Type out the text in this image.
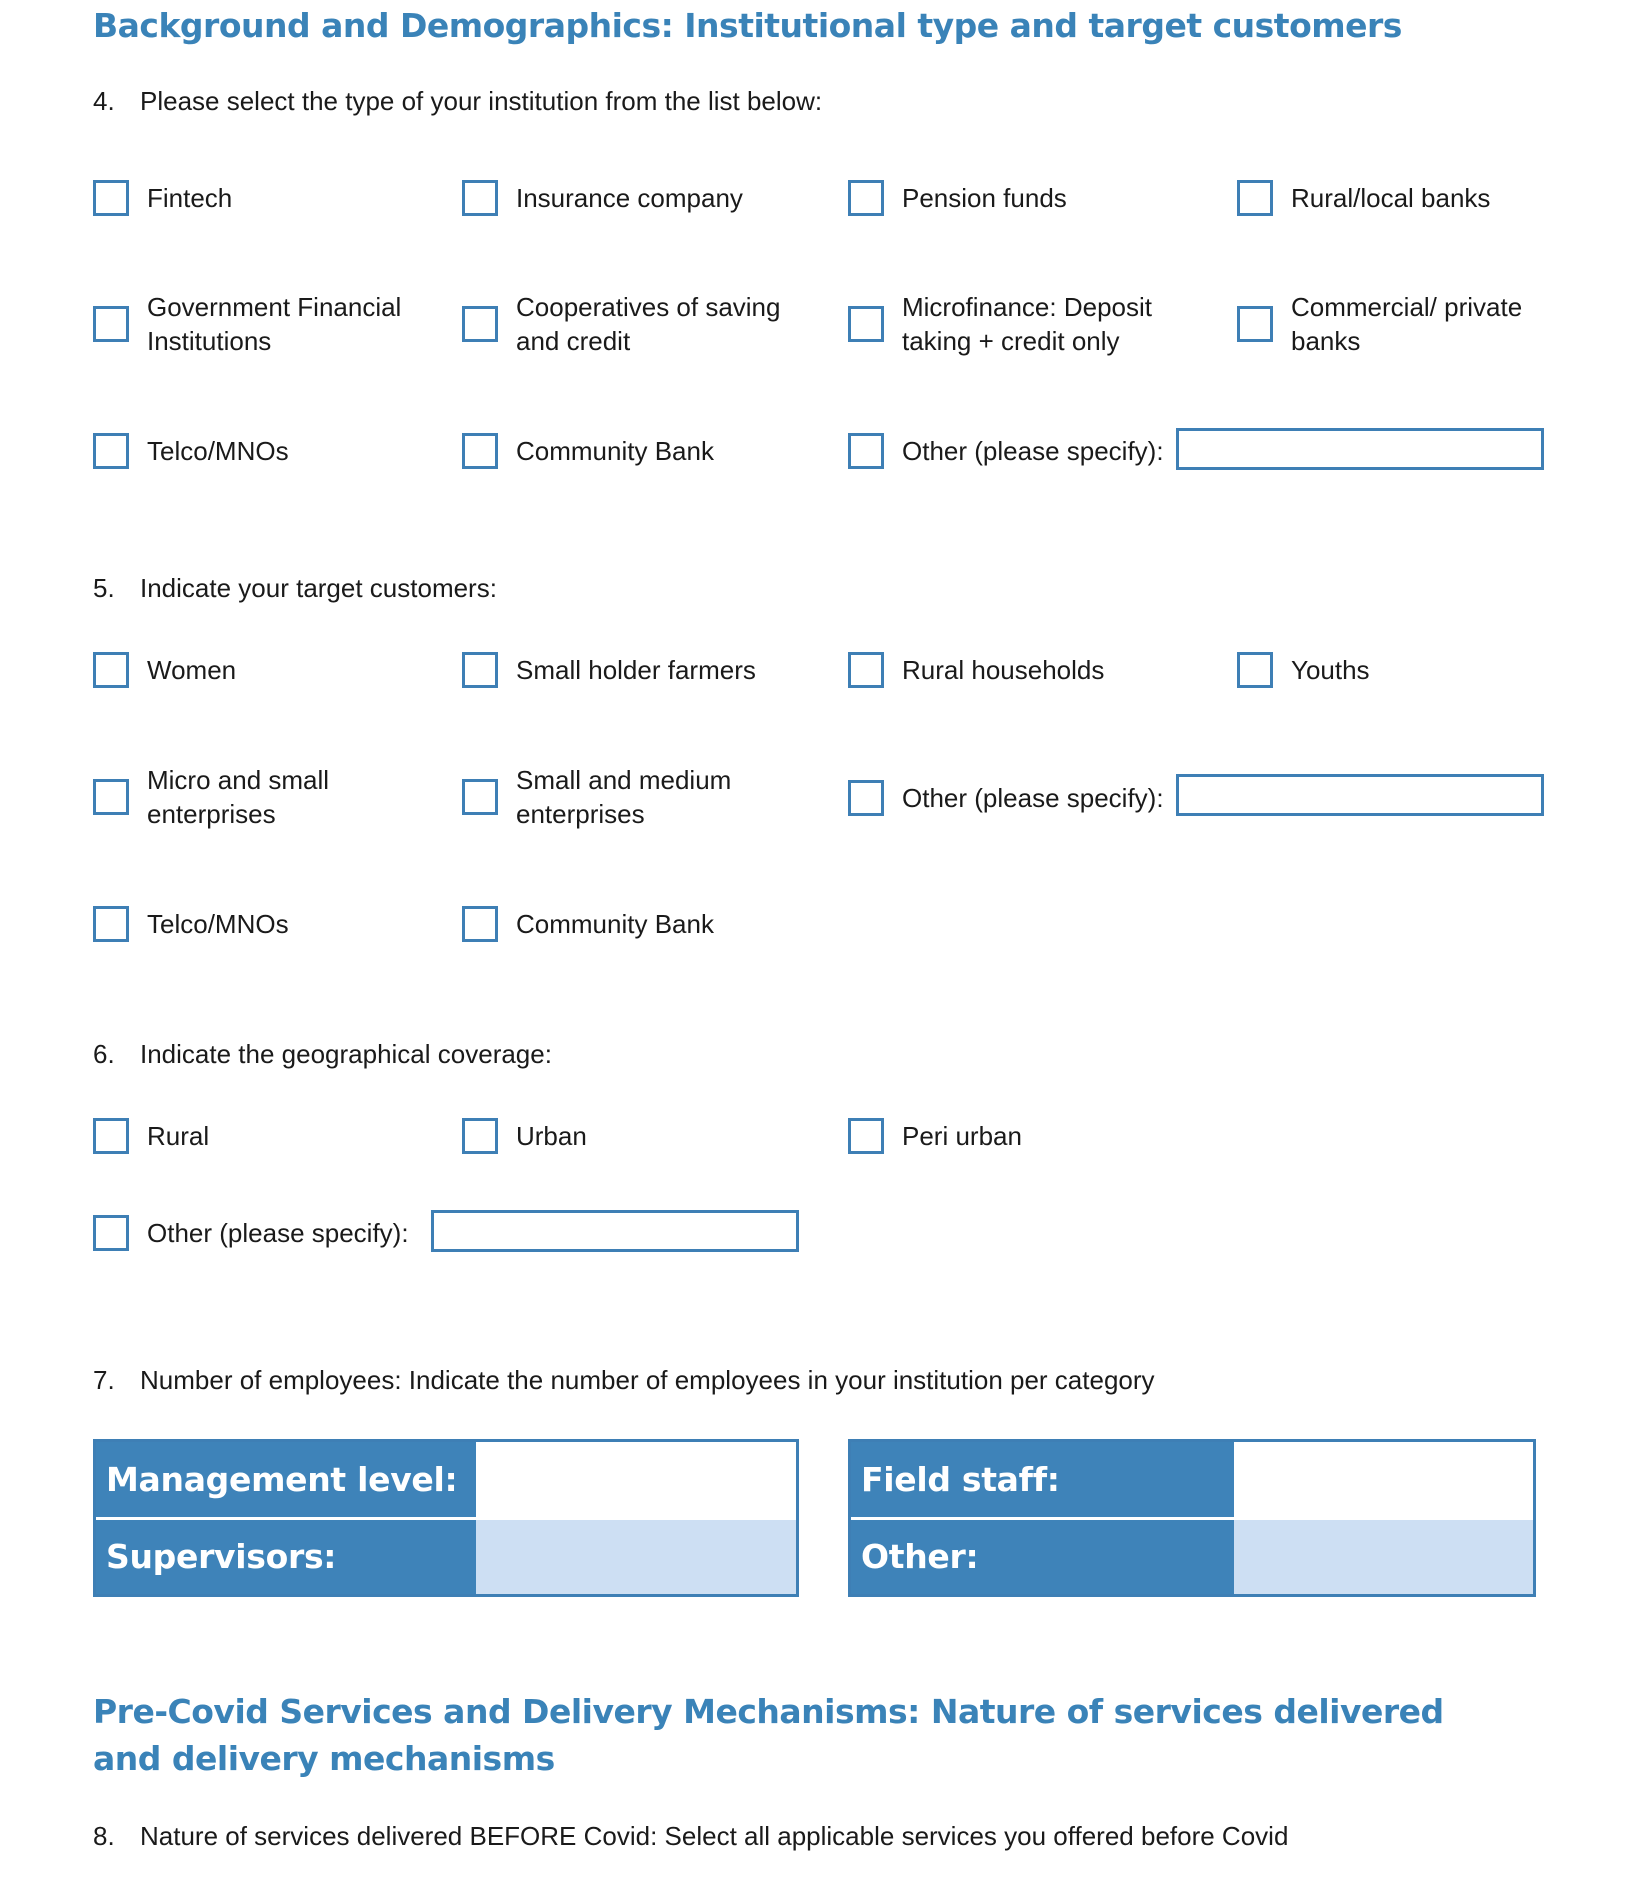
Background and Demographics: Institutional type and target customers
4. Please select the type of your institution from the list below:
Fintech	Insurance company	Pension funds	Rural/local banks
Government Financial Institutions
Cooperatives of saving and credit
Microfinance: Deposit taking + credit only
Commercial/ private banks
Telco/MNOs	Community Bank	Other (please specify):
5. Indicate your target customers:
Women	Small holder farmers	Rural households	Youths
Micro and small enterprises
Small and medium enterprises
Other (please specify):
Telco/MNOs	Community Bank
6. Indicate the geographical coverage:
Rural	Urban	Peri urban
Other (please specify):
7. Number of employees: Indicate the number of employees in your institution per category
Management level:
Supervisors:
Field staff:
Other:
Pre-Covid Services and Delivery Mechanisms: Nature of services delivered and delivery mechanisms
8. Nature of services delivered BEFORE Covid: Select all applicable services you offered before Covid
